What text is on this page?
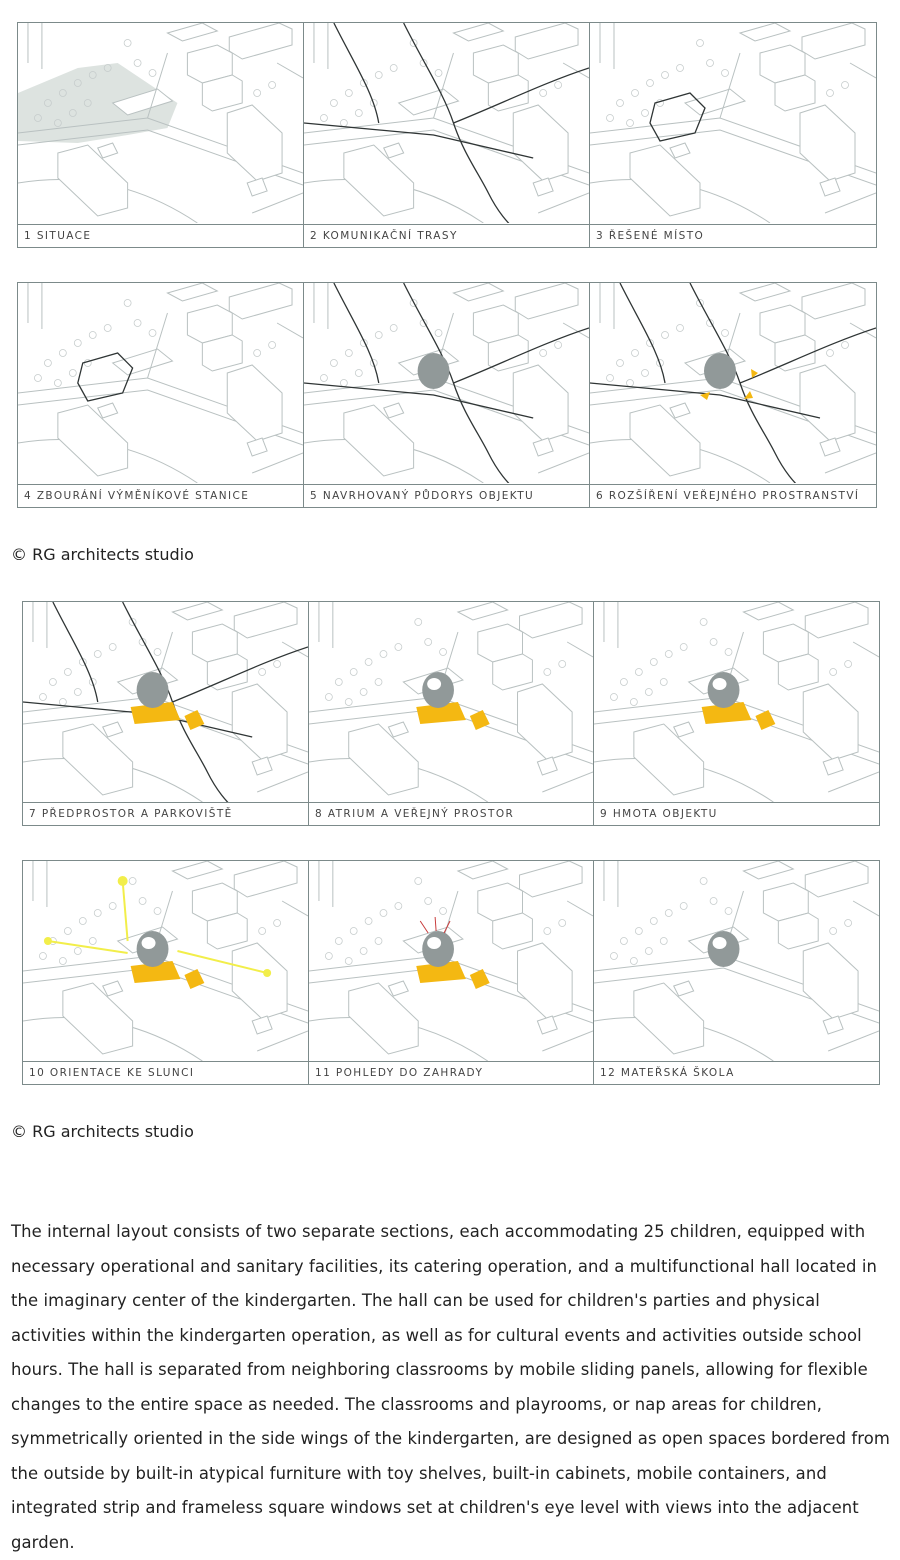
1 SITUACE	2 KOMUNIKAČNÍ TRASY	3 ŘEŠENÉ MÍSTO
4 ZBOURÁNÍ VÝMĚNÍKOVÉ STANICE	5 NAVRHOVANÝ PŮDORYS OBJEKTU	6 ROZŠÍŘENÍ VEŘEJNÉHO PROSTRANSTVÍ
© RG architects studio
7 PŘEDPROSTOR A PARKOVIŠTĚ	8 ATRIUM A VEŘEJNÝ PROSTOR	9 HMOTA OBJEKTU
10 ORIENTACE KE SLUNCI	11 POHLEDY DO ZAHRADY	12 MATEŘSKÁ ŠKOLA
© RG architects studio

The internal layout consists of two separate sections, each accommodating 25 children, equipped with necessary operational and sanitary facilities, its catering operation, and a multifunctional hall located in the imaginary center of the kindergarten. The hall can be used for children's parties and physical activities within the kindergarten operation, as well as for cultural events and activities outside school hours. The hall is separated from neighboring classrooms by mobile sliding panels, allowing for flexible changes to the entire space as needed. The classrooms and playrooms, or nap areas for children, symmetrically oriented in the side wings of the kindergarten, are designed as open spaces bordered from the outside by built-in atypical furniture with toy shelves, built-in cabinets, mobile containers, and integrated strip and frameless square windows set at children's eye level with views into the adjacent garden.
